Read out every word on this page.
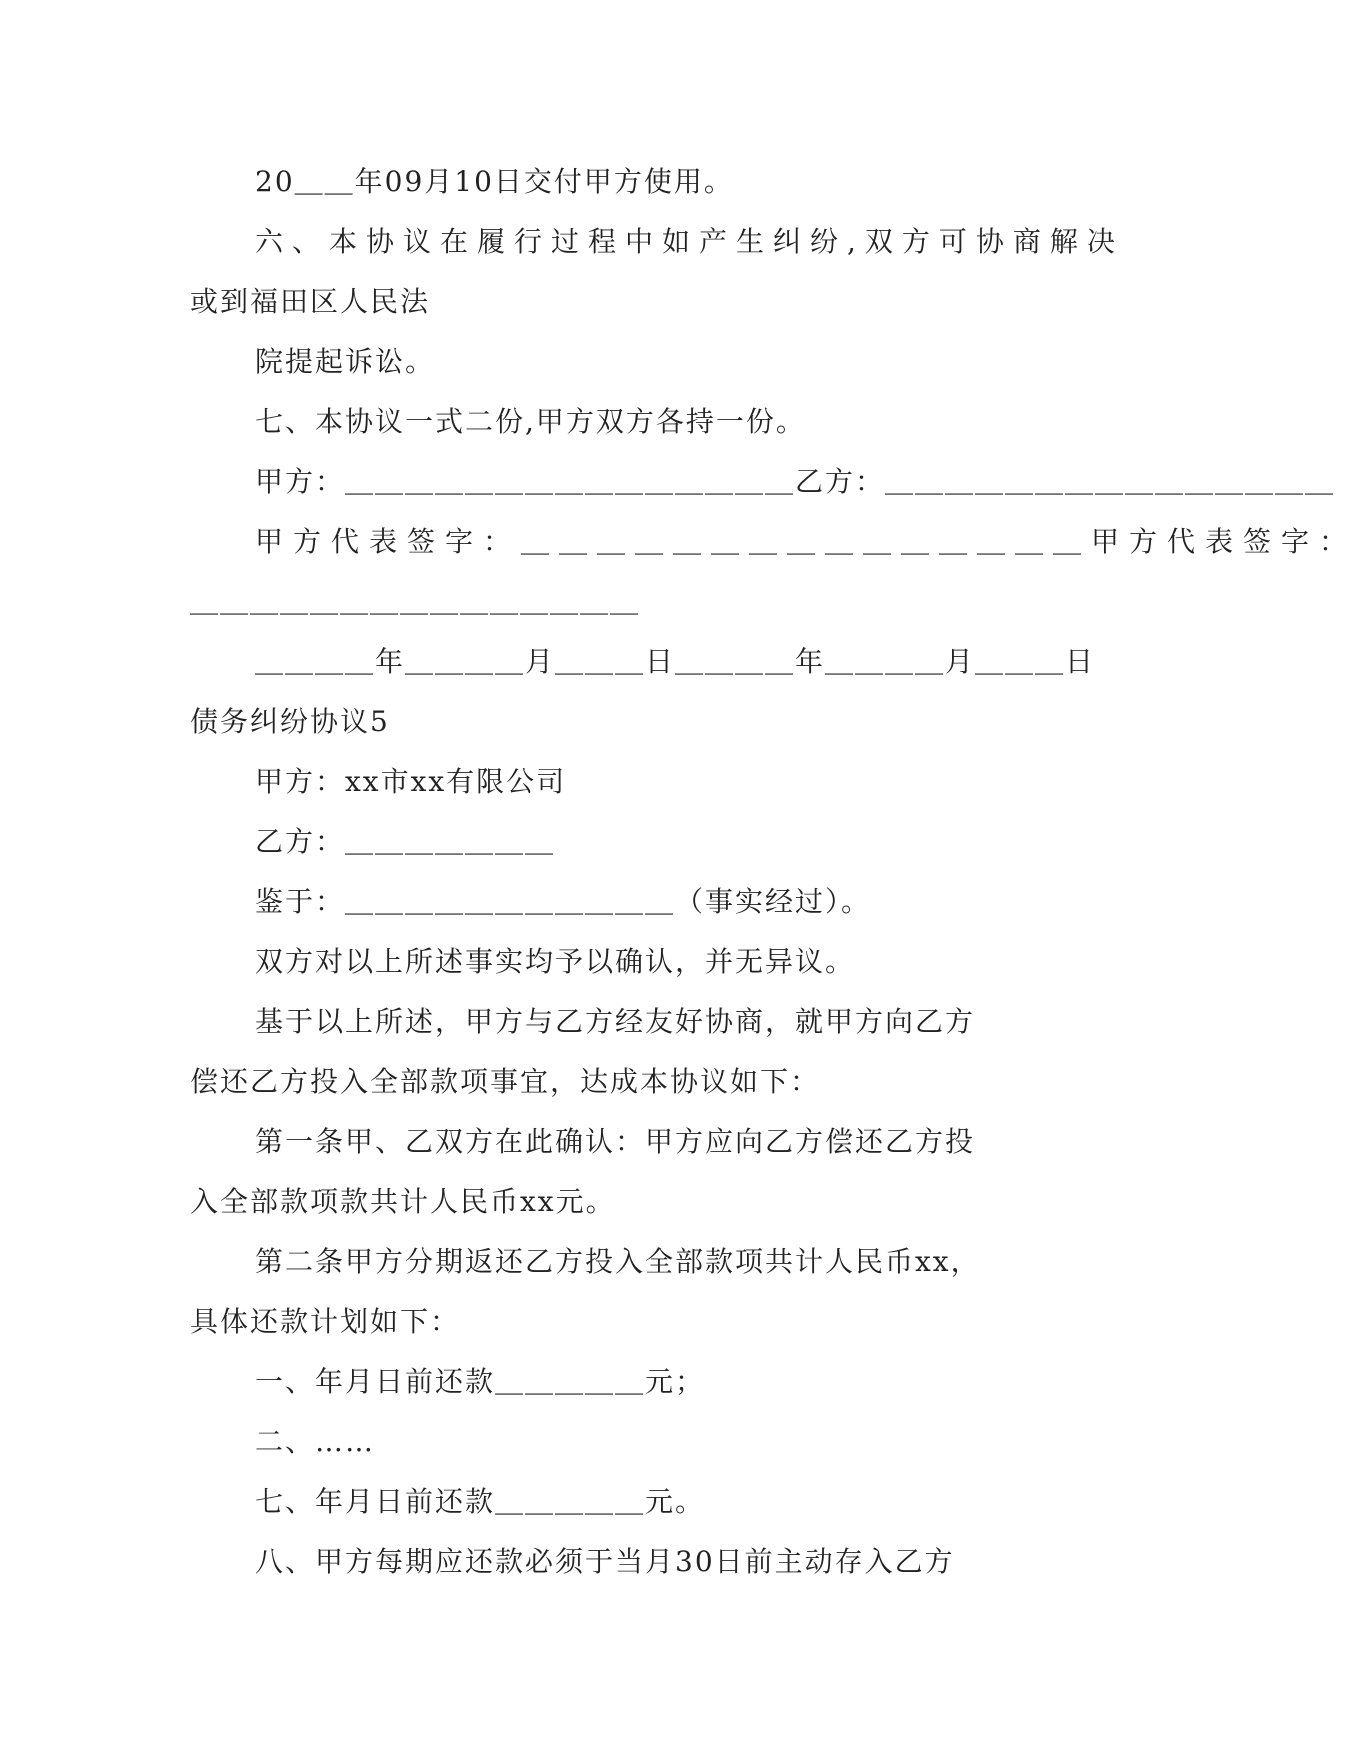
20＿＿年09月10日交付甲方使用。
六、本协议在履行过程中如产生纠纷,双方可协商解决
或到福田区人民法
院提起诉讼。
七、本协议一式二份,甲方双方各持一份。
甲方：＿＿＿＿＿＿＿＿＿＿＿＿＿＿＿乙方：＿＿＿＿＿＿＿＿＿＿＿＿＿＿＿
甲方代表签字：＿＿＿＿＿＿＿＿＿＿＿＿＿＿＿甲方代表签字：
＿＿＿＿＿＿＿＿＿＿＿＿＿＿＿
＿＿＿＿年＿＿＿＿月＿＿＿日＿＿＿＿年＿＿＿＿月＿＿＿日
债务纠纷协议5
甲方：xx市xx有限公司
乙方：＿＿＿＿＿＿＿
鉴于：＿＿＿＿＿＿＿＿＿＿＿（事实经过）。
双方对以上所述事实均予以确认，并无异议。
基于以上所述，甲方与乙方经友好协商，就甲方向乙方
偿还乙方投入全部款项事宜，达成本协议如下：
第一条甲、乙双方在此确认：甲方应向乙方偿还乙方投
入全部款项款共计人民币xx元。
第二条甲方分期返还乙方投入全部款项共计人民币xx，
具体还款计划如下：
一、年月日前还款＿＿＿＿＿元；
二、……
七、年月日前还款＿＿＿＿＿元。
八、甲方每期应还款必须于当月30日前主动存入乙方
